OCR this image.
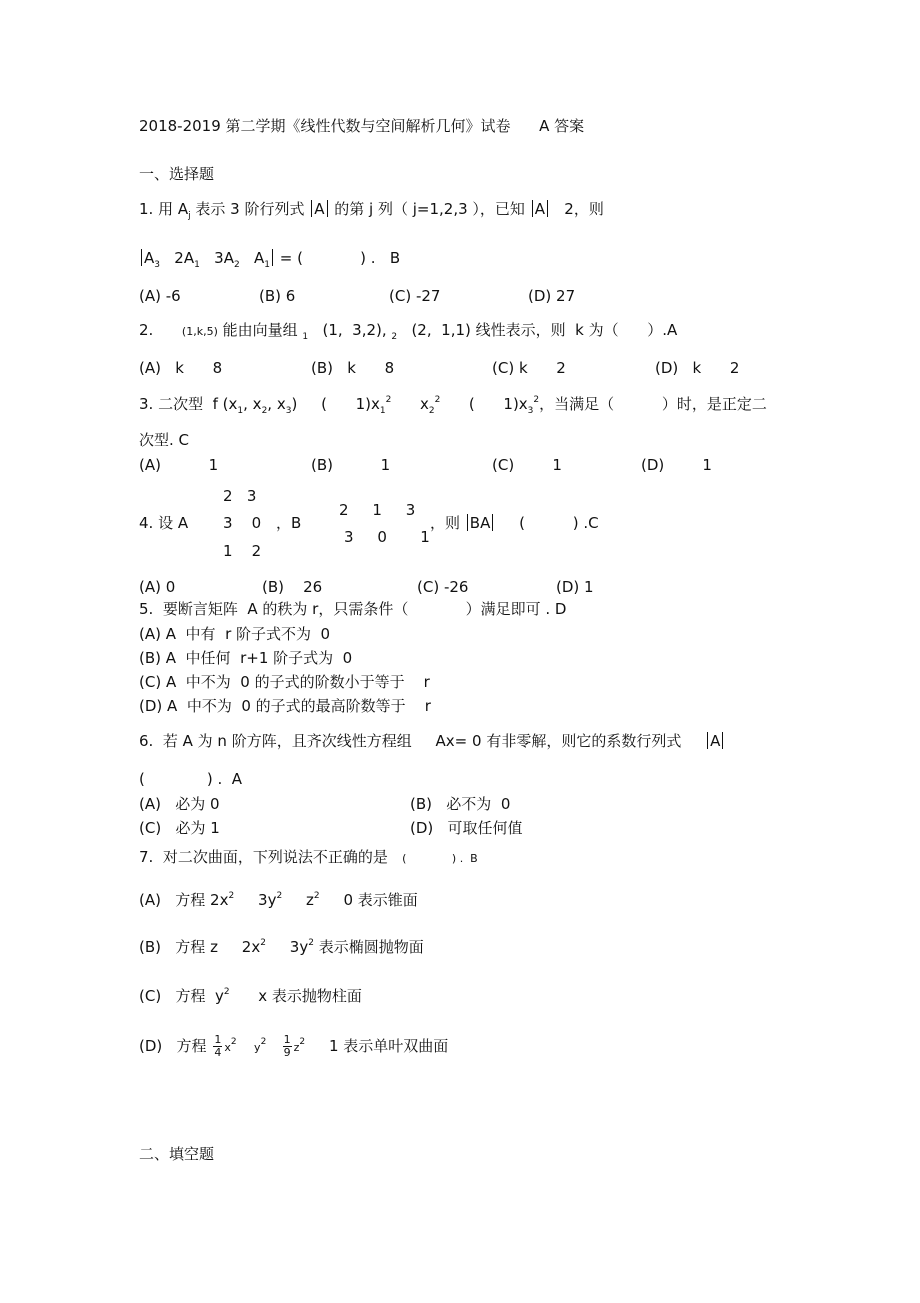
2018-2019 第二学期《线性代数与空间解析几何》试卷      A 答案
一、选择题
1. 用 $A_j$ 表示 3 阶行列式 A 的第 j 列（ j=1,2,3 ），已知 A   2，则
$A_3$   $2A_1$   $3A_2$   $A_1$ = (            ) .   B
(A) -6	(B) 6	(C) -27	(D) 27
2.	(1,k,5) 能由向量组 $_1$   (1,  3,2), $_2$   (2,  1,1) 线性表示，则  k 为（      ）.A
(A)   k      8	(B)   k      8	(C) k      2	(D)   k      2
3. 二次型  f ($x_1$, $x_2$, $x_3$)     (      $1)x_1^2$      $x_2^2$      (      $1)x_3^2$，当满足（          ）时，是正定二
次型. C
(A)          1	(B)          1	(C)        1	(D)        1
4. 设 A
2   3
3    0
1    2
，B
2     1     3
3     0       1
，则 BA     (          ) .C
(A) 0	(B)    26	(C) -26	(D) 1
5.  要断言矩阵  A 的秩为 r，只需条件（            ）满足即可 . D
(A) A  中有  r 阶子式不为  0
(B) A  中任何  r+1 阶子式为  0
(C) A  中不为  0 的子式的阶数小于等于    r
(D) A  中不为  0 的子式的最高阶数等于    r
6.  若 A 为 n 阶方阵，且齐次线性方程组     Ax= 0 有非零解，则它的系数行列式     A
(             ) .  A
(A)   必为 0	(B)   必不为  0
(C)   必为 1	(D)   可取任何值
7.  对二次曲面，下列说法不正确的是   (             ) .  B
(A)   方程 $2x^2$     $3y^2$     $z^2$     0 表示锥面
(B)   方程 z     $2x^2$     $3y^2$ 表示椭圆抛物面
(C)   方程  $y^2$      x 表示抛物柱面
(D)   方程 $\frac{1}{4} x^2$     $y^2 \frac{1}{9} z^2$     1 表示单叶双曲面
二、填空题
